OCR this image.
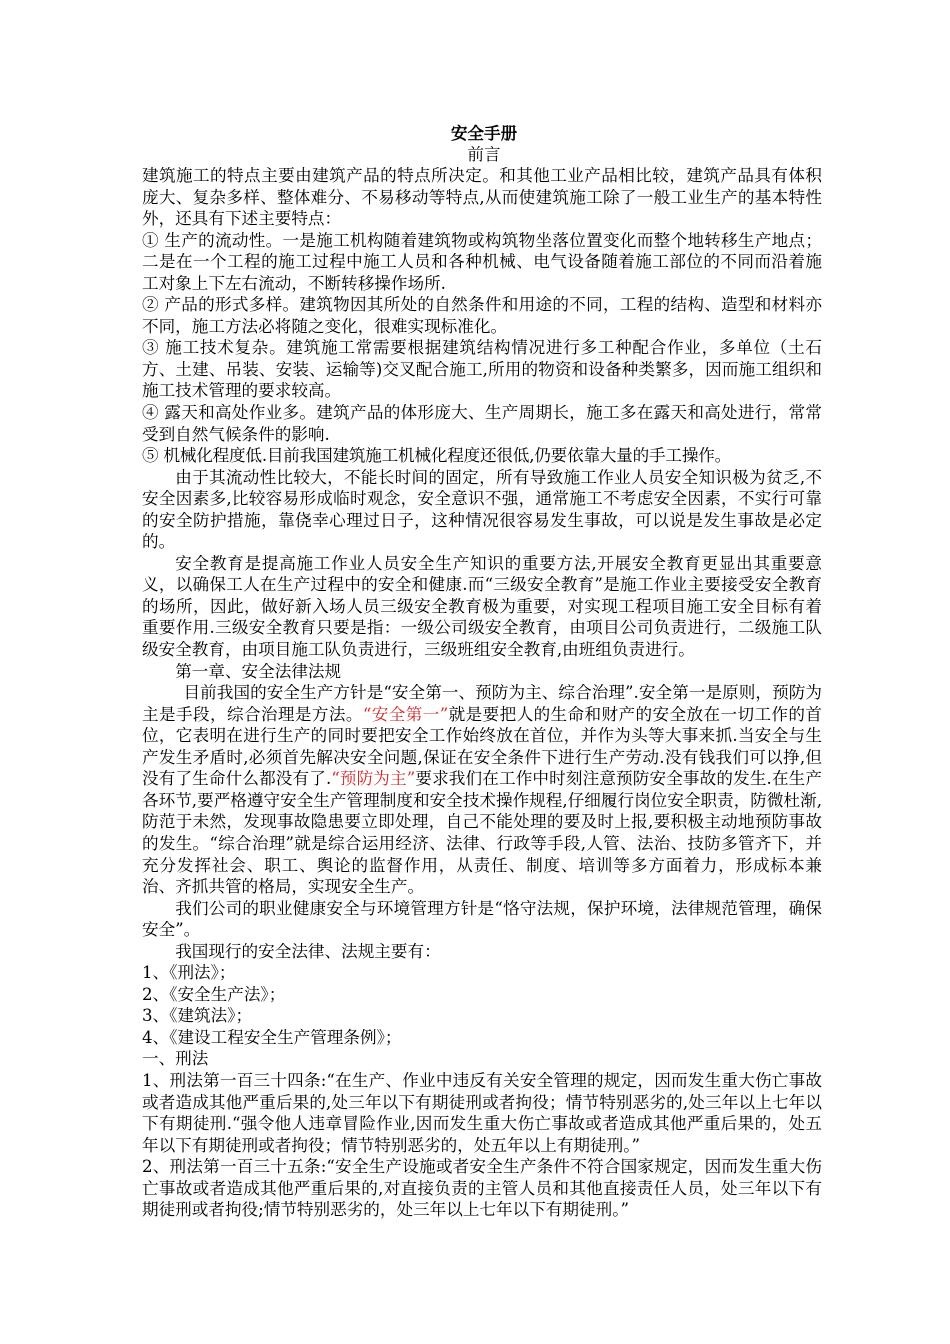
安全手册
前言

建筑施工的特点主要由建筑产品的特点所决定。和其他工业产品相比较，建筑产品具有体积庞大、复杂多样、整体难分、不易移动等特点,从而使建筑施工除了一般工业生产的基本特性外，还具有下述主要特点：

① 生产的流动性。一是施工机构随着建筑物或构筑物坐落位置变化而整个地转移生产地点；二是在一个工程的施工过程中施工人员和各种机械、电气设备随着施工部位的不同而沿着施工对象上下左右流动，不断转移操作场所.

② 产品的形式多样。建筑物因其所处的自然条件和用途的不同，工程的结构、造型和材料亦不同，施工方法必将随之变化，很难实现标准化。

③ 施工技术复杂。建筑施工常需要根据建筑结构情况进行多工种配合作业，多单位（土石方、土建、吊装、安装、运输等)交叉配合施工,所用的物资和设备种类繁多，因而施工组织和施工技术管理的要求较高。

④ 露天和高处作业多。建筑产品的体形庞大、生产周期长，施工多在露天和高处进行，常常受到自然气候条件的影响.

⑤ 机械化程度低.目前我国建筑施工机械化程度还很低,仍要依靠大量的手工操作。

由于其流动性比较大，不能长时间的固定，所有导致施工作业人员安全知识极为贫乏,不安全因素多,比较容易形成临时观念，安全意识不强，通常施工不考虑安全因素，不实行可靠的安全防护措施，靠侥幸心理过日子，这种情况很容易发生事故，可以说是发生事故是必定的。

安全教育是提高施工作业人员安全生产知识的重要方法,开展安全教育更显出其重要意义，以确保工人在生产过程中的安全和健康.而“三级安全教育”是施工作业主要接受安全教育的场所，因此，做好新入场人员三级安全教育极为重要，对实现工程项目施工安全目标有着重要作用.三级安全教育只要是指：一级公司级安全教育，由项目公司负责进行，二级施工队级安全教育，由项目施工队负责进行，三级班组安全教育,由班组负责进行。

第一章、安全法律法规

目前我国的安全生产方针是“安全第一、预防为主、综合治理”.安全第一是原则，预防为主是手段，综合治理是方法。“安全第一”就是要把人的生命和财产的安全放在一切工作的首位，它表明在进行生产的同时要把安全工作始终放在首位，并作为头等大事来抓.当安全与生产发生矛盾时,必须首先解决安全问题,保证在安全条件下进行生产劳动.没有钱我们可以挣,但没有了生命什么都没有了.“预防为主”要求我们在工作中时刻注意预防安全事故的发生.在生产各环节,要严格遵守安全生产管理制度和安全技术操作规程,仔细履行岗位安全职责，防微杜渐,防范于未然，发现事故隐患要立即处理，自己不能处理的要及时上报,要积极主动地预防事故的发生。“综合治理”就是综合运用经济、法律、行政等手段,人管、法治、技防多管齐下，并充分发挥社会、职工、舆论的监督作用，从责任、制度、培训等多方面着力，形成标本兼治、齐抓共管的格局，实现安全生产。

我们公司的职业健康安全与环境管理方针是“恪守法规，保护环境，法律规范管理，确保安全”。

我国现行的安全法律、法规主要有：

1、《刑法》；

2、《安全生产法》；

3、《建筑法》；

4、《建设工程安全生产管理条例》；

一、刑法

1、刑法第一百三十四条:“在生产、作业中违反有关安全管理的规定，因而发生重大伤亡事故或者造成其他严重后果的,处三年以下有期徒刑或者拘役；情节特别恶劣的,处三年以上七年以下有期徒刑.“强令他人违章冒险作业,因而发生重大伤亡事故或者造成其他严重后果的，处五年以下有期徒刑或者拘役；情节特别恶劣的，处五年以上有期徒刑。”

2、刑法第一百三十五条:“安全生产设施或者安全生产条件不符合国家规定，因而发生重大伤亡事故或者造成其他严重后果的,对直接负责的主管人员和其他直接责任人员，处三年以下有期徒刑或者拘役;情节特别恶劣的，处三年以上七年以下有期徒刑。”
